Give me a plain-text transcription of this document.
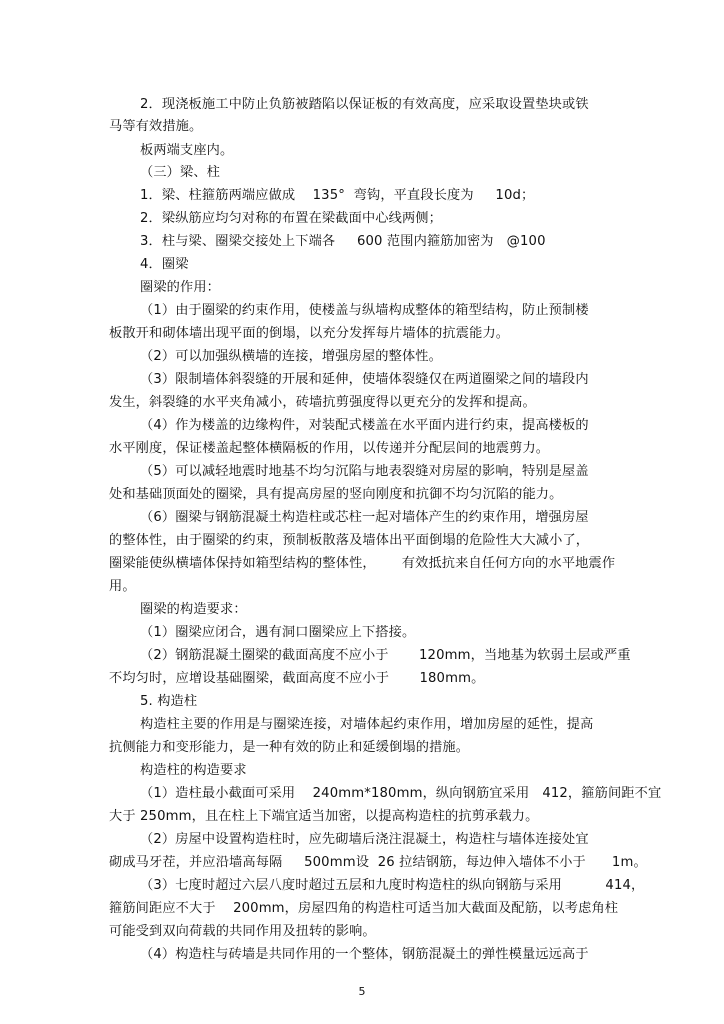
2．现浇板施工中防止负筋被踏陷以保证板的有效高度，应采取设置垫块或铁
马等有效措施。
板两端支座内。
（三）梁、柱
1．梁、柱箍筋两端应做成    135°  弯钩，平直段长度为     10d；
2．梁纵筋应均匀对称的布置在梁截面中心线两侧；
3．柱与梁、圈梁交接处上下端各     600 范围内箍筋加密为   @100
4．圈梁
圈梁的作用：
（1）由于圈梁的约束作用，使楼盖与纵墙构成整体的箱型结构，防止预制楼
板散开和砌体墙出现平面的倒塌，以充分发挥每片墙体的抗震能力。
（2）可以加强纵横墙的连接，增强房屋的整体性。
（3）限制墙体斜裂缝的开展和延伸，使墙体裂缝仅在两道圈梁之间的墙段内
发生，斜裂缝的水平夹角减小，砖墙抗剪强度得以更充分的发挥和提高。
（4）作为楼盖的边缘构件，对装配式楼盖在水平面内进行约束，提高楼板的
水平刚度，保证楼盖起整体横隔板的作用，以传递并分配层间的地震剪力。
（5）可以减轻地震时地基不均匀沉陷与地表裂缝对房屋的影响，特别是屋盖
处和基础顶面处的圈梁，具有提高房屋的竖向刚度和抗御不均匀沉陷的能力。
（6）圈梁与钢筋混凝土构造柱或芯柱一起对墙体产生的约束作用，增强房屋
的整体性，由于圈梁的约束，预制板散落及墙体出平面倒塌的危险性大大减小了，
圈梁能使纵横墙体保持如箱型结构的整体性，      有效抵抗来自任何方向的水平地震作
用。
圈梁的构造要求：
（1）圈梁应闭合，遇有洞口圈梁应上下搭接。
（2）钢筋混凝土圈梁的截面高度不应小于       120mm，当地基为软弱土层或严重
不均匀时，应增设基础圈梁，截面高度不应小于       180mm。
5. 构造柱
构造柱主要的作用是与圈梁连接，对墙体起约束作用，增加房屋的延性，提高
抗侧能力和变形能力，是一种有效的防止和延缓倒塌的措施。
构造柱的构造要求
（1）造柱最小截面可采用    240mm*180mm，纵向钢筋宜采用   412，箍筋间距不宜
大于 250mm，且在柱上下端宜适当加密，以提高构造柱的抗剪承载力。
（2）房屋中设置构造柱时，应先砌墙后浇注混凝土，构造柱与墙体连接处宜
砌成马牙茬，并应沿墙高每隔     500mm设  26 拉结钢筋，每边伸入墙体不小于      1m。
（3）七度时超过六层八度时超过五层和九度时构造柱的纵向钢筋与采用          414，
箍筋间距应不大于    200mm，房屋四角的构造柱可适当加大截面及配筋，以考虑角柱
可能受到双向荷载的共同作用及扭转的影响。
（4）构造柱与砖墙是共同作用的一个整体，钢筋混凝土的弹性模量远远高于
5
